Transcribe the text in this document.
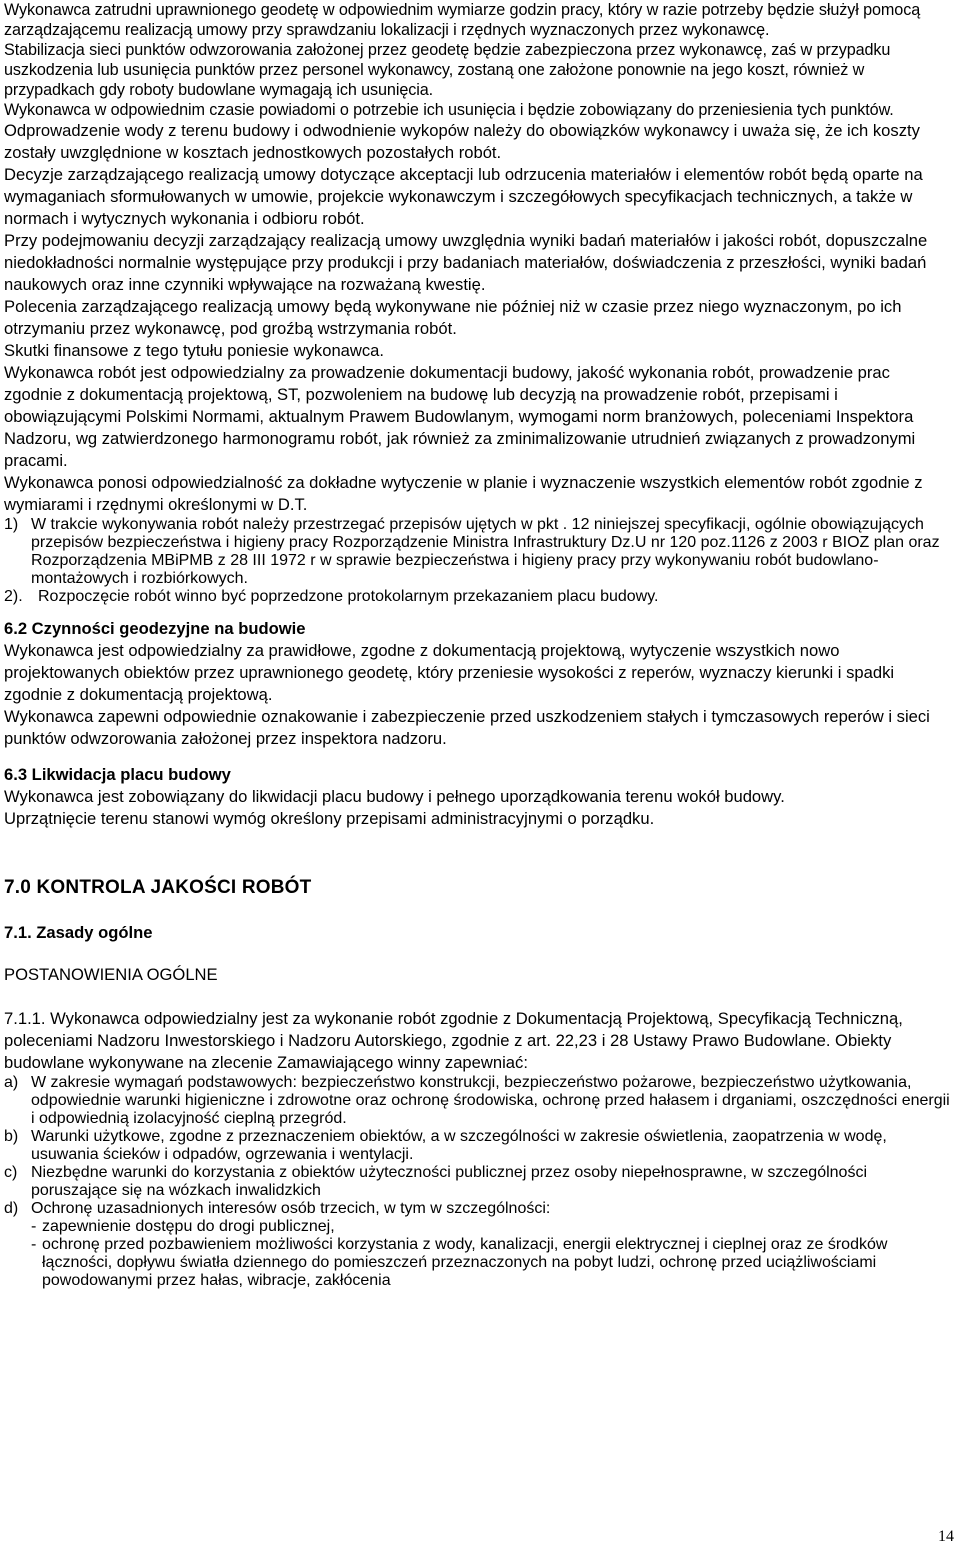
Wykonawca zatrudni uprawnionego geodetę w odpowiednim wymiarze godzin pracy, który w razie potrzeby będzie służył pomocą zarządzającemu realizacją umowy przy sprawdzaniu lokalizacji i rzędnych wyznaczonych przez wykonawcę.

Stabilizacja sieci punktów odwzorowania założonej przez geodetę będzie zabezpieczona przez wykonawcę, zaś w przypadku uszkodzenia lub usunięcia punktów przez personel wykonawcy, zostaną one założone ponownie na jego koszt, również w przypadkach gdy roboty budowlane wymagają ich usunięcia.

Wykonawca w odpowiednim czasie powiadomi o potrzebie ich usunięcia i będzie zobowiązany do przeniesienia tych punktów.

Odprowadzenie wody z terenu budowy i odwodnienie wykopów należy do obowiązków wykonawcy i uważa się, że ich koszty zostały uwzględnione w kosztach jednostkowych pozostałych robót.

Decyzje zarządzającego realizacją umowy dotyczące akceptacji lub odrzucenia materiałów i elementów robót będą oparte na wymaganiach sformułowanych w umowie, projekcie wykonawczym i szczegółowych specyfikacjach technicznych, a także w normach i wytycznych wykonania i odbioru robót.

Przy podejmowaniu decyzji zarządzający realizacją umowy uwzględnia wyniki badań materiałów i jakości robót, dopuszczalne niedokładności normalnie występujące przy produkcji i przy badaniach materiałów, doświadczenia z przeszłości, wyniki badań naukowych oraz inne czynniki wpływające na rozważaną kwestię.

Polecenia zarządzającego realizacją umowy będą wykonywane nie później niż w czasie przez niego wyznaczonym, po ich otrzymaniu przez wykonawcę, pod groźbą wstrzymania robót.

Skutki finansowe z tego tytułu poniesie wykonawca.

Wykonawca robót jest odpowiedzialny za prowadzenie dokumentacji budowy, jakość wykonania robót, prowadzenie prac zgodnie z dokumentacją projektową, ST, pozwoleniem na budowę lub decyzją na prowadzenie robót, przepisami i obowiązującymi Polskimi Normami, aktualnym Prawem Budowlanym, wymogami norm branżowych, poleceniami Inspektora Nadzoru, wg zatwierdzonego harmonogramu robót, jak również za zminimalizowanie utrudnień związanych z prowadzonymi pracami.

Wykonawca ponosi odpowiedzialność za dokładne wytyczenie w planie i wyznaczenie wszystkich elementów robót zgodnie z wymiarami i rzędnymi określonymi w D.T.

1) W trakcie wykonywania robót należy przestrzegać przepisów ujętych w pkt . 12 niniejszej specyfikacji, ogólnie obowiązujących przepisów bezpieczeństwa i higieny pracy Rozporządzenie Ministra Infrastruktury Dz.U nr 120 poz.1126 z 2003 r BIOZ plan oraz Rozporządzenia MBiPMB z 28 III 1972 r w sprawie bezpieczeństwa i higieny pracy przy wykonywaniu robót budowlano-montażowych i rozbiórkowych.
2). Rozpoczęcie robót winno być poprzedzone protokolarnym przekazaniem placu budowy.
6.2 Czynności geodezyjne na budowie

Wykonawca jest odpowiedzialny za prawidłowe, zgodne z dokumentacją projektową, wytyczenie wszystkich nowo projektowanych obiektów przez uprawnionego geodetę, który przeniesie wysokości z reperów, wyznaczy kierunki i spadki zgodnie z dokumentacją projektową.

Wykonawca zapewni odpowiednie oznakowanie i zabezpieczenie przed uszkodzeniem stałych i tymczasowych reperów i sieci punktów odwzorowania założonej przez inspektora nadzoru.

6.3 Likwidacja placu budowy

Wykonawca jest zobowiązany do likwidacji placu budowy i pełnego uporządkowania terenu wokół budowy.

Uprzątnięcie terenu stanowi wymóg określony przepisami administracyjnymi o porządku.

7.0 KONTROLA JAKOŚCI ROBÓT
7.1. Zasady ogólne

POSTANOWIENIA OGÓLNE

7.1.1. Wykonawca odpowiedzialny jest za wykonanie robót zgodnie z Dokumentacją Projektową, Specyfikacją Techniczną, poleceniami Nadzoru Inwestorskiego i Nadzoru Autorskiego, zgodnie z art. 22,23 i 28 Ustawy Prawo Budowlane. Obiekty budowlane wykonywane na zlecenie Zamawiającego winny zapewniać:

a) W zakresie wymagań podstawowych: bezpieczeństwo konstrukcji, bezpieczeństwo pożarowe, bezpieczeństwo użytkowania, odpowiednie warunki higieniczne i zdrowotne oraz ochronę środowiska, ochronę przed hałasem i drganiami, oszczędności energii i odpowiednią izolacyjność cieplną przegród.
b) Warunki użytkowe, zgodne z przeznaczeniem obiektów, a w szczególności w zakresie oświetlenia, zaopatrzenia w wodę, usuwania ścieków i odpadów, ogrzewania i wentylacji.
c) Niezbędne warunki do korzystania z obiektów użyteczności publicznej przez osoby niepełnosprawne, w szczególności poruszające się na wózkach inwalidzkich
d) Ochronę uzasadnionych interesów osób trzecich, w tym w szczególności:
- zapewnienie dostępu do drogi publicznej,
- ochronę przed pozbawieniem możliwości korzystania z wody, kanalizacji, energii elektrycznej i cieplnej oraz ze środków łączności, dopływu światła dziennego do pomieszczeń przeznaczonych na pobyt ludzi, ochronę przed uciążliwościami powodowanymi przez hałas, wibracje, zakłócenia
14
